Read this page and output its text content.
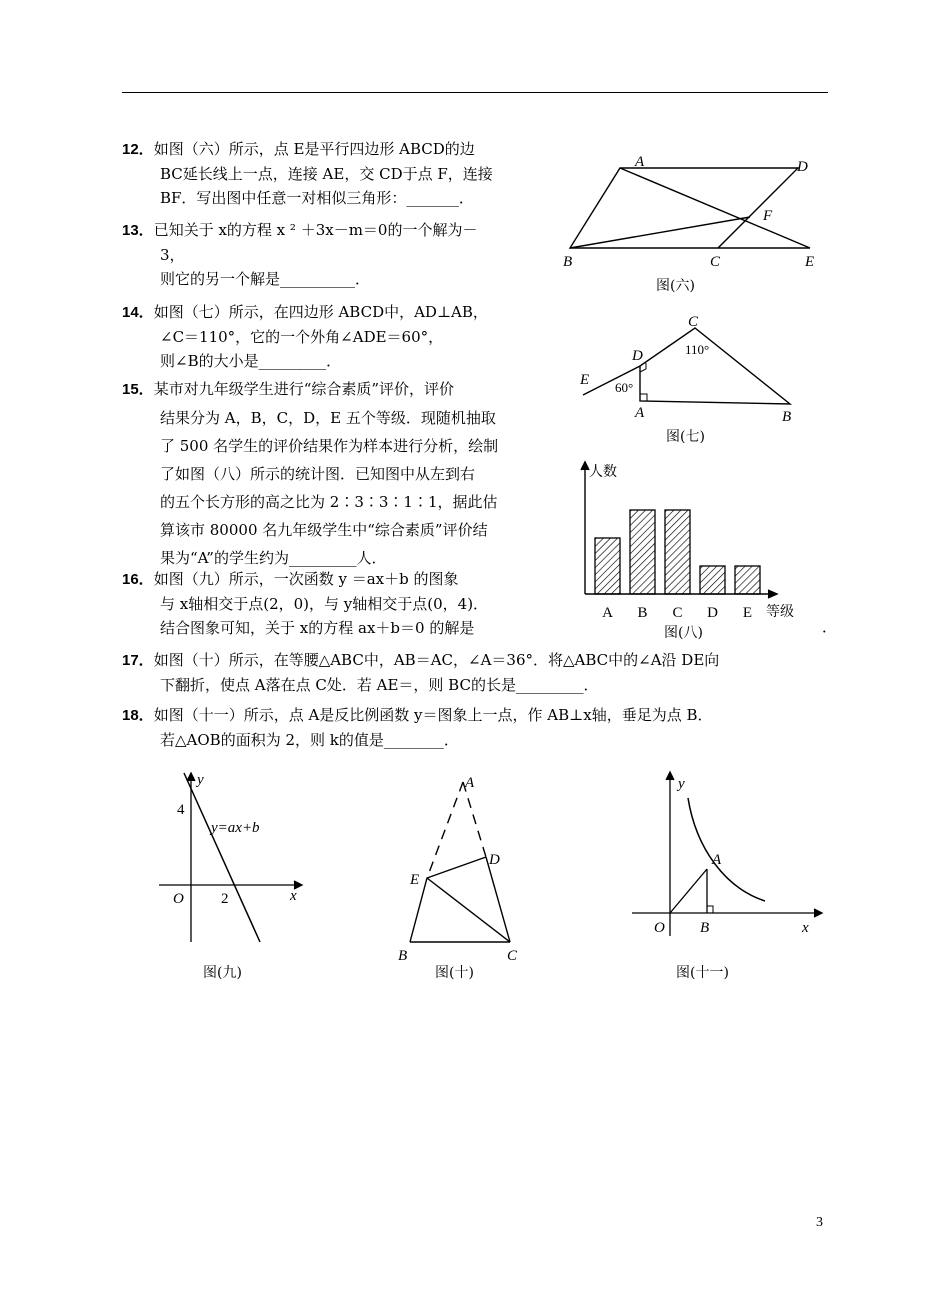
12．如图（六）所示，点 E是平行四边形 ABCD的边
BC延长线上一点，连接 AE，交 CD于点 F，连接
BF．写出图中任意一对相似三角形：_______．
13．已知关于 x的方程 x ² ＋3x－m＝0的一个解为－
3，
则它的另一个解是__________．
14．如图（七）所示，在四边形 ABCD中，AD⊥AB，
∠C＝110°，它的一个外角∠ADE＝60°，
则∠B的大小是_________．
15．某市对九年级学生进行“综合素质”评价，评价
结果分为 A，B，C，D，E 五个等级．现随机抽取
了 500 名学生的评价结果作为样本进行分析，绘制
了如图（八）所示的统计图．已知图中从左到右
的五个长方形的高之比为 2∶3∶3∶1∶1，据此估
算该市 80000 名九年级学生中“综合素质”评价结
果为“A”的学生约为_________人．
16．如图（九）所示，一次函数 y ＝ax＋b 的图象
与 x轴相交于点(2，0)，与 y轴相交于点(0，4)．
结合图象可知，关于 x的方程 ax＋b＝0 的解是	．
17．如图（十）所示，在等腰△ABC中，AB＝AC，∠A＝36°．将△ABC中的∠A沿 DE向
下翻折，使点 A落在点 C处．若 AE＝，则 BC的长是_________．
18．如图（十一）所示，点 A是反比例函数 y＝图象上一点，作 AB⊥x轴，垂足为点 B．
若△AOB的面积为 2，则 k的值是________．
A	D
F
B	C	E
图(六)
C
110°
D
60°
E
A	B
图(七)
A B C D E
人数
等级
图(八)
y
4
y=ax+b
O 2	x
图(九)
A
D
E
B	C
图(十)
y
A
O B	x
图(十一)
3
